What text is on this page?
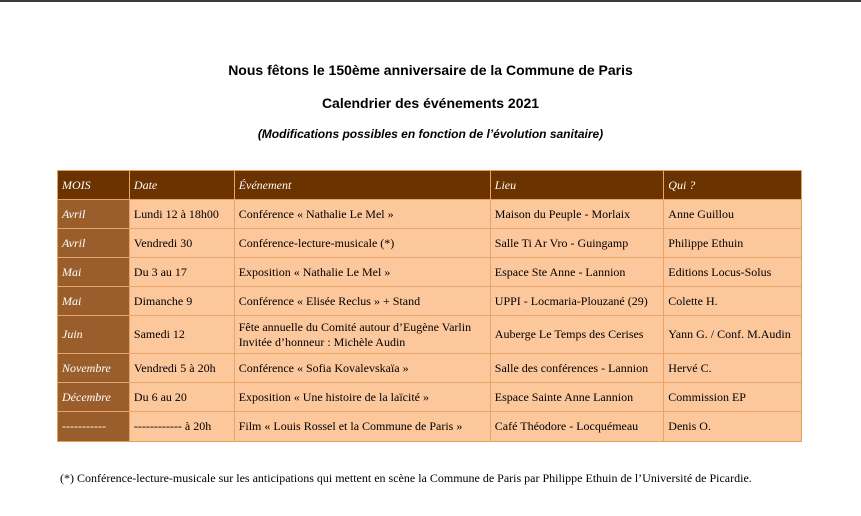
Nous fêtons le 150ème anniversaire de la Commune de Paris
Calendrier des événements 2021
(Modifications possibles en fonction de l’évolution sanitaire)
MOIS	Date	Événement	Lieu	Qui ?
Avril	Lundi 12 à 18h00	Conférence « Nathalie Le Mel »	Maison du Peuple - Morlaix	Anne Guillou
Avril	Vendredi 30	Conférence-lecture-musicale (*)	Salle Ti Ar Vro - Guingamp	Philippe Ethuin
Mai	Du 3 au 17	Exposition « Nathalie Le Mel »	Espace Ste Anne - Lannion	Editions Locus-Solus
Mai	Dimanche 9	Conférence « Elisée Reclus » + Stand	UPPI - Locmaria-Plouzané (29)	Colette H.
Juin	Samedi 12	Fête annuelle du Comité autour d’Eugène Varlin
Invitée d’honneur : Michèle Audin	Auberge Le Temps des Cerises	Yann G. / Conf. M.Audin
Novembre	Vendredi 5 à 20h	Conférence « Sofia Kovalevskaïa »	Salle des conférences - Lannion	Hervé C.
Décembre	Du 6 au 20	Exposition « Une histoire de la laïcité »	Espace Sainte Anne Lannion	Commission EP
-----------	------------ à 20h	Film « Louis Rossel et la Commune de Paris »	Café Théodore - Locquémeau	Denis O.
(*) Conférence-lecture-musicale sur les anticipations qui mettent en scène la Commune de Paris par Philippe Ethuin de l’Université de Picardie.
